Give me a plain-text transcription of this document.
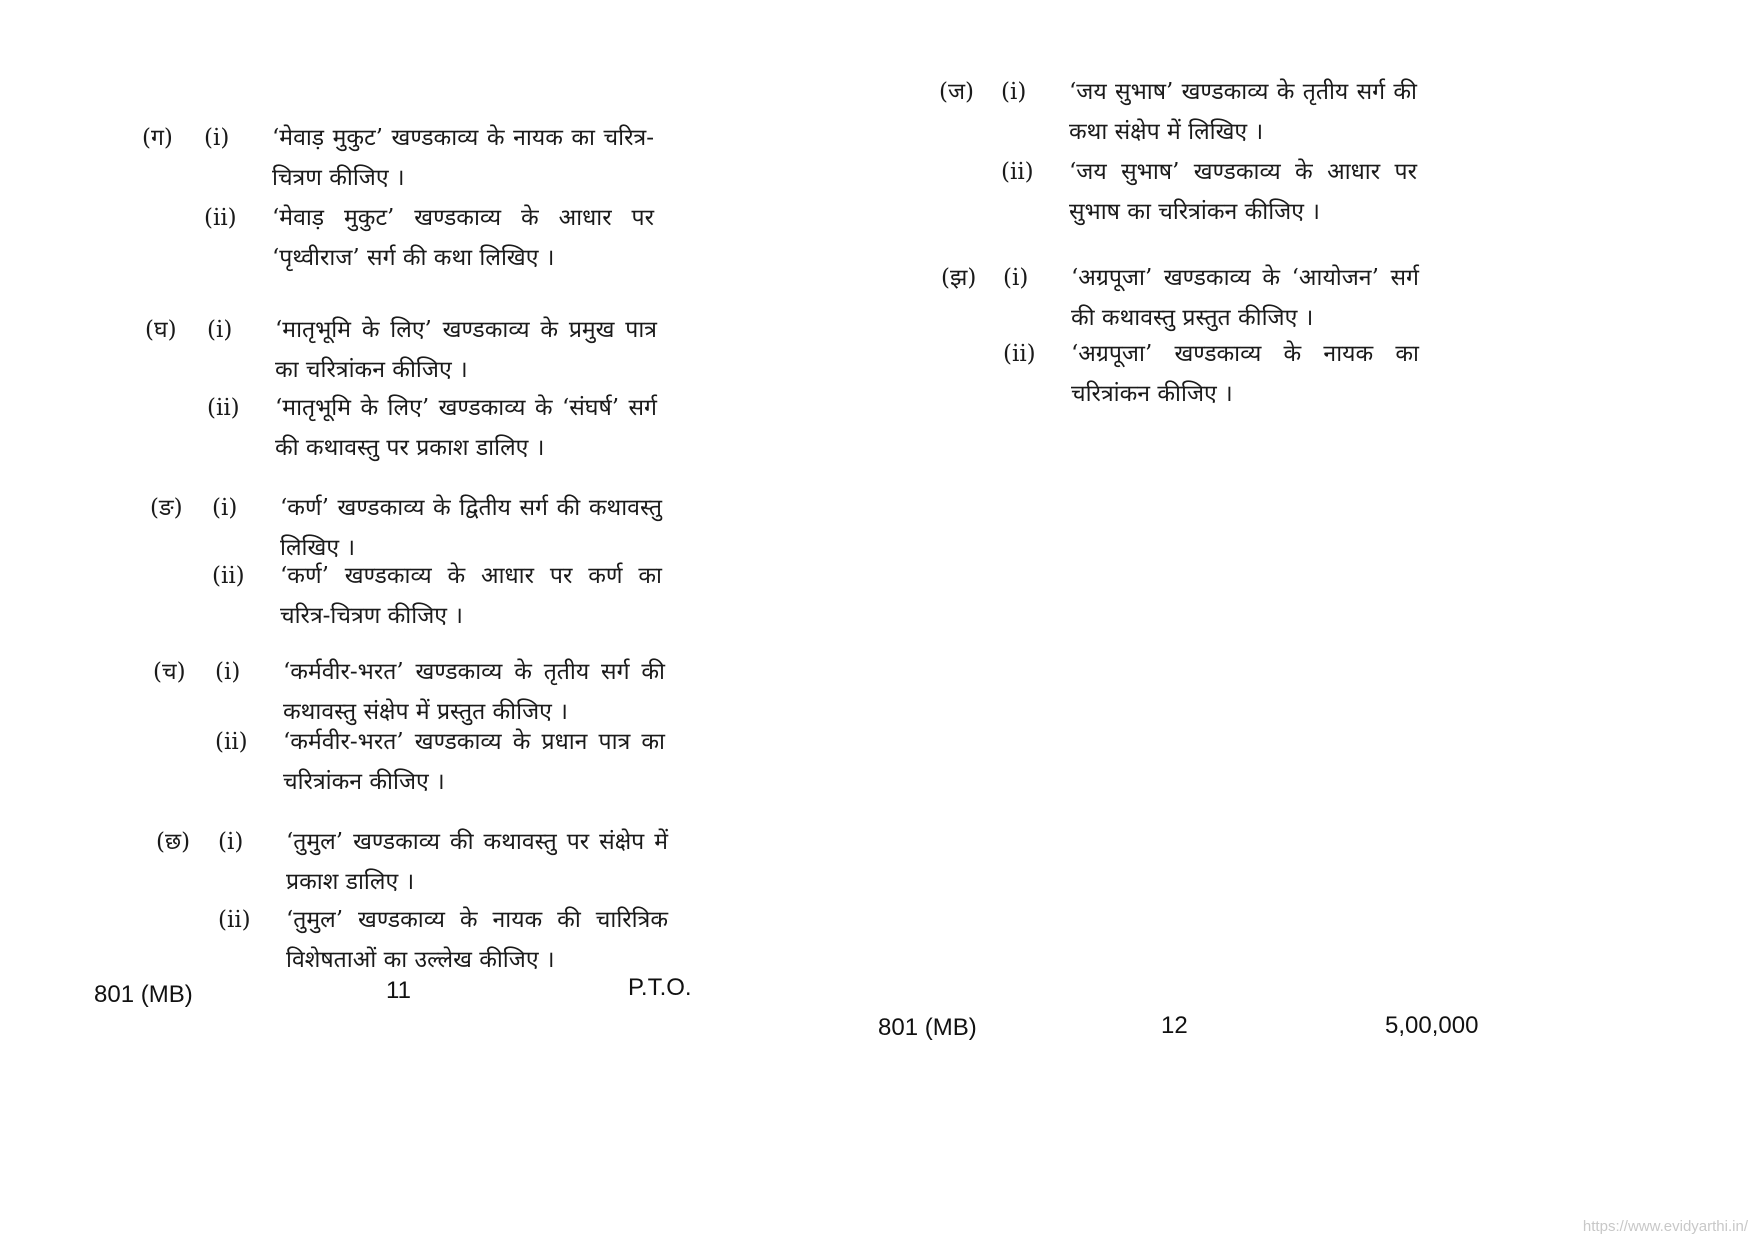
(ग)	(i)	‘मेवाड़ मुकुट’ खण्डकाव्य के नायक का चरित्र-चित्रण कीजिए ।
(ii)	‘मेवाड़ मुकुट’ खण्डकाव्य के आधार पर ‘पृथ्वीराज’ सर्ग की कथा लिखिए ।
(घ)	(i)	‘मातृभूमि के लिए’ खण्डकाव्य के प्रमुख पात्र का चरित्रांकन कीजिए ।
(ii)	‘मातृभूमि के लिए’ खण्डकाव्य के ‘संघर्ष’ सर्ग की कथावस्तु पर प्रकाश डालिए ।
(ङ)	(i)	‘कर्ण’ खण्डकाव्य के द्वितीय सर्ग की कथावस्तु लिखिए ।
(ii)	‘कर्ण’ खण्डकाव्य के आधार पर कर्ण का चरित्र-चित्रण कीजिए ।
(च)	(i)	‘कर्मवीर-भरत’ खण्डकाव्य के तृतीय सर्ग की कथावस्तु संक्षेप में प्रस्तुत कीजिए ।
(ii)	‘कर्मवीर-भरत’ खण्डकाव्य के प्रधान पात्र का चरित्रांकन कीजिए ।
(छ)	(i)	‘तुमुल’ खण्डकाव्य की कथावस्तु पर संक्षेप में प्रकाश डालिए ।
(ii)	‘तुमुल’ खण्डकाव्य के नायक की चारित्रिक विशेषताओं का उल्लेख कीजिए ।
801 (MB)	11	P.T.O.
(ज)	(i)	‘जय सुभाष’ खण्डकाव्य के तृतीय सर्ग की कथा संक्षेप में लिखिए ।
(ii)	‘जय सुभाष’ खण्डकाव्य के आधार पर सुभाष का चरित्रांकन कीजिए ।
(झ)	(i)	‘अग्रपूजा’ खण्डकाव्य के ‘आयोजन’ सर्ग की कथावस्तु प्रस्तुत कीजिए ।
(ii)	‘अग्रपूजा’ खण्डकाव्य के नायक का चरित्रांकन कीजिए ।
801 (MB)	12	5,00,000
https://www.evidyarthi.in/
